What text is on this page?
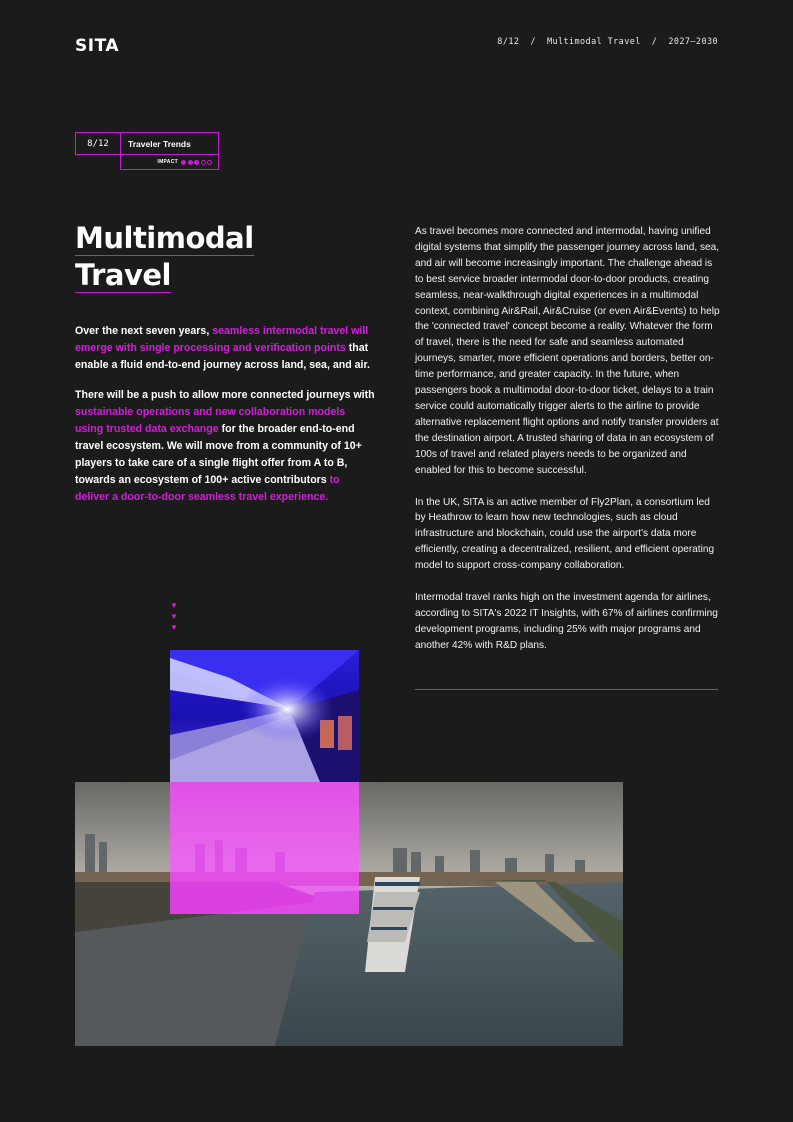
SITA	8/12  /  Multimodal Travel  /  2027–2030
8/12	Traveler Trends
IMPACT
Multimodal
Travel

Over the next seven years, seamless intermodal travel will emerge with single processing and verification points that enable a fluid end-to-end journey across land, sea, and air.

There will be a push to allow more connected journeys with sustainable operations and new collaboration models using trusted data exchange for the broader end-to-end travel ecosystem. We will move from a community of 10+ players to take care of a single flight offer from A to B, towards an ecosystem of 100+ active contributors to deliver a door-to-door seamless travel experience.

As travel becomes more connected and intermodal, having unified digital systems that simplify the passenger journey across land, sea, and air will become increasingly important. The challenge ahead is to best service broader intermodal door-to-door products, creating seamless, near-walkthrough digital experiences in a multimodal context, combining Air&Rail, Air&Cruise (or even Air&Events) to help the 'connected travel' concept become a reality. Whatever the form of travel, there is the need for safe and seamless automated journeys, smarter, more efficient operations and borders, better on-time performance, and greater capacity. In the future, when passengers book a multimodal door-to-door ticket, delays to a train service could automatically trigger alerts to the airline to provide alternative replacement flight options and notify transfer providers at the destination airport. A trusted sharing of data in an ecosystem of 100s of travel and related players needs to be organized and enabled for this to become successful.

In the UK, SITA is an active member of Fly2Plan, a consortium led by Heathrow to learn how new technologies, such as cloud infrastructure and blockchain, could use the airport's data more efficiently, creating a decentralized, resilient, and efficient operating model to support cross-company collaboration.

Intermodal travel ranks high on the investment agenda for airlines, according to SITA's 2022 IT Insights, with 67% of airlines confirming development programs, including 25% with major programs and another 42% with R&D plans.

▼
▼
▼
